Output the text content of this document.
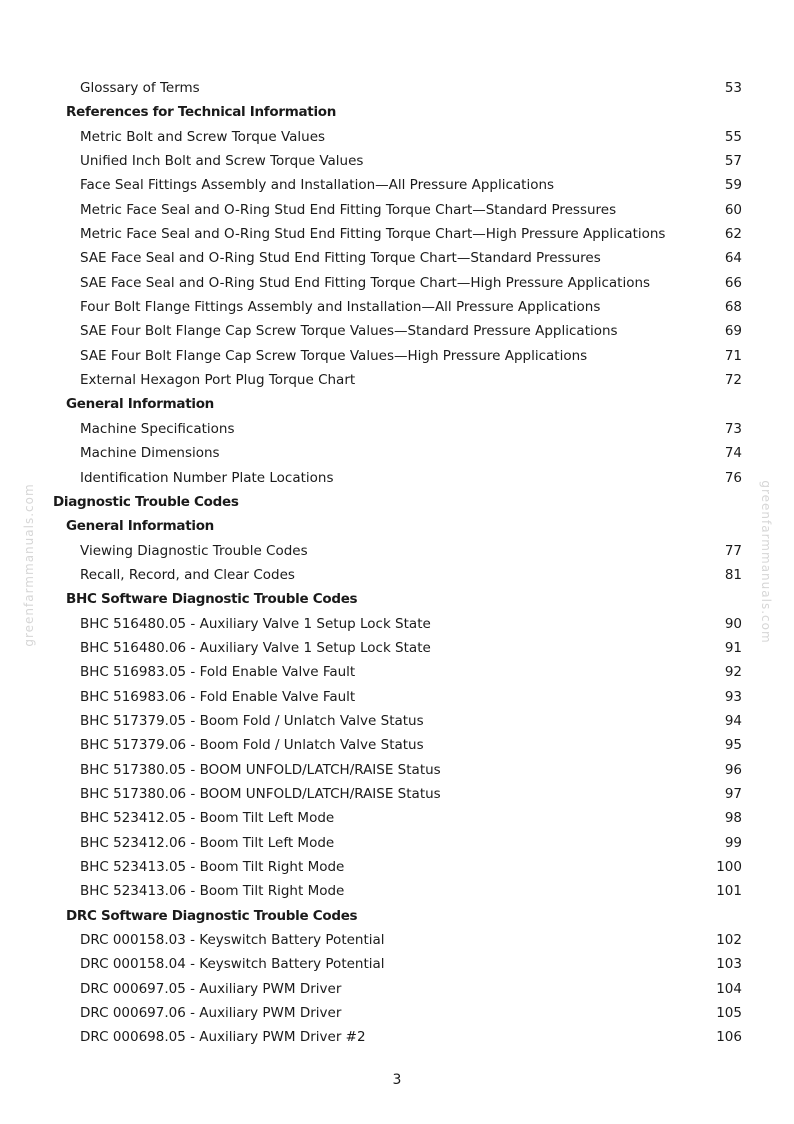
greenfarmmanuals.com	greenfarmmanuals.com
Glossary of Terms	53
References for Technical Information
Metric Bolt and Screw Torque Values	55
Unified Inch Bolt and Screw Torque Values	57
Face Seal Fittings Assembly and Installation—All Pressure Applications	59
Metric Face Seal and O-Ring Stud End Fitting Torque Chart—Standard Pressures	60
Metric Face Seal and O-Ring Stud End Fitting Torque Chart—High Pressure Applications	62
SAE Face Seal and O-Ring Stud End Fitting Torque Chart—Standard Pressures	64
SAE Face Seal and O-Ring Stud End Fitting Torque Chart—High Pressure Applications	66
Four Bolt Flange Fittings Assembly and Installation—All Pressure Applications	68
SAE Four Bolt Flange Cap Screw Torque Values—Standard Pressure Applications	69
SAE Four Bolt Flange Cap Screw Torque Values—High Pressure Applications	71
External Hexagon Port Plug Torque Chart	72
General Information
Machine Specifications	73
Machine Dimensions	74
Identification Number Plate Locations	76
Diagnostic Trouble Codes
General Information
Viewing Diagnostic Trouble Codes	77
Recall, Record, and Clear Codes	81
BHC Software Diagnostic Trouble Codes
BHC 516480.05 - Auxiliary Valve 1 Setup Lock State	90
BHC 516480.06 - Auxiliary Valve 1 Setup Lock State	91
BHC 516983.05 - Fold Enable Valve Fault	92
BHC 516983.06 - Fold Enable Valve Fault	93
BHC 517379.05 - Boom Fold / Unlatch Valve Status	94
BHC 517379.06 - Boom Fold / Unlatch Valve Status	95
BHC 517380.05 - BOOM UNFOLD/LATCH/RAISE Status	96
BHC 517380.06 - BOOM UNFOLD/LATCH/RAISE Status	97
BHC 523412.05 - Boom Tilt Left Mode	98
BHC 523412.06 - Boom Tilt Left Mode	99
BHC 523413.05 - Boom Tilt Right Mode	100
BHC 523413.06 - Boom Tilt Right Mode	101
DRC Software Diagnostic Trouble Codes
DRC 000158.03 - Keyswitch Battery Potential	102
DRC 000158.04 - Keyswitch Battery Potential	103
DRC 000697.05 - Auxiliary PWM Driver	104
DRC 000697.06 - Auxiliary PWM Driver	105
DRC 000698.05 - Auxiliary PWM Driver #2	106
3
